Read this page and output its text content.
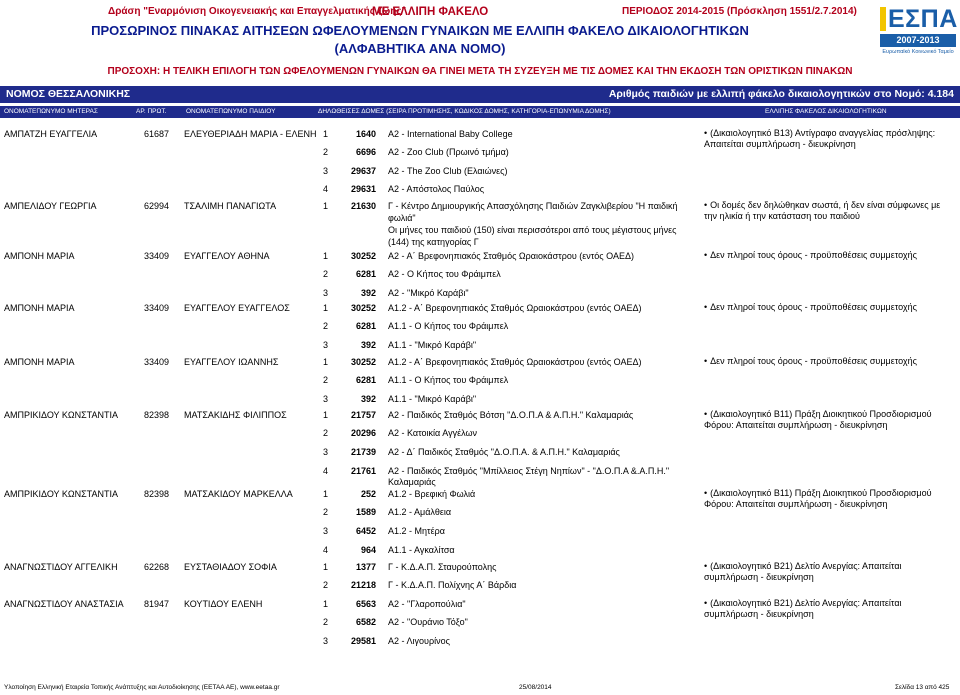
Δράση "Εναρμόνιση Οικογενειακής και Επαγγελματικής ζωής"
ΜΕ ΕΛΛΙΠΗ ΦΑΚΕΛΟ	ΠΕΡΙΟΔΟΣ 2014-2015 (Πρόσκληση 1551/2.7.2014)
ΠΡΟΣΩΡΙΝΟΣ ΠΙΝΑΚΑΣ ΑΙΤΗΣΕΩΝ ΩΦΕΛΟΥΜΕΝΩΝ ΓΥΝΑΙΚΩΝ ΜΕ ΕΛΛΙΠΗ ΦΑΚΕΛΟ ΔΙΚΑΙΟΛΟΓΗΤΙΚΩΝ
(ΑΛΦΑΒΗΤΙΚΑ ΑΝΑ ΝΟΜΟ)
ΠΡΟΣΟΧΗ: Η ΤΕΛΙΚΗ ΕΠΙΛΟΓΗ ΤΩΝ ΩΦΕΛΟΥΜΕΝΩΝ ΓΥΝΑΙΚΩΝ ΘΑ ΓΙΝΕΙ ΜΕΤΑ ΤΗ ΣΥΖΕΥΞΗ ΜΕ ΤΙΣ ΔΟΜΕΣ ΚΑΙ ΤΗΝ ΕΚΔΟΣΗ ΤΩΝ ΟΡΙΣΤΙΚΩΝ ΠΙΝΑΚΩΝ
ΕΣΠΑ
2007-2013
Ευρωπαϊκό Κοινωνικό Ταμείο
ΝΟΜΟΣ ΘΕΣΣΑΛΟΝΙΚΗΣ	Αριθμός παιδιών με ελλιπή φάκελο δικαιολογητικών στο Νομό: 4.184
ΟΝΟΜΑΤΕΠΩΝΥΜΟ ΜΗΤΕΡΑΣ	ΑΡ. ΠΡΩΤ.	ΟΝΟΜΑΤΕΠΩΝΥΜΟ ΠΑΙΔΙΟΥ	ΔΗΛΩΘΕΙΣΕΣ ΔΟΜΕΣ (ΣΕΙΡΑ ΠΡΟΤΙΜΗΣΗΣ, ΚΩΔΙΚΟΣ ΔΟΜΗΣ, ΚΑΤΗΓΟΡΙΑ-ΕΠΩΝΥΜΙΑ ΔΟΜΗΣ)	ΕΛΛΙΠΗΣ ΦΑΚΕΛΟΣ ΔΙΚΑΙΟΛΟΓΗΤΙΚΩΝ
ΑΜΠΑΤΖΗ ΕΥΑΓΓΕΛΙΑ	61687 ΕΛΕΥΘΕΡΙΑΔΗ ΜΑΡΙΑ - ΕΛΕΝΗ 1	1640 Α2 - International Baby College
2	6696 Α2 - Zoo Club (Πρωινό τμήμα)
3	29637 Α2 - The Zoo Club (Ελαιώνες)
4	29631 Α2 - Απόστολος Παύλος
• (Δικαιολογητικό Β13) Αντίγραφο αναγγελίας πρόσληψης: Απαιτείται συμπλήρωση - διευκρίνηση
ΑΜΠΕΛΙΔΟΥ ΓΕΩΡΓΙΑ	62994 ΤΣΑΛΙΜΗ ΠΑΝΑΓΙΩΤΑ	1	21630 Γ - Κέντρο Δημιουργικής Απασχόλησης Παιδιών Ζαγκλιβερίου "Η παιδική φωλιά"
Οι μήνες του παιδιού (150) είναι περισσότεροι από τους μέγιστους μήνες (144) της κατηγορίας Γ
• Οι δομές δεν δηλώθηκαν σωστά, ή δεν είναι σύμφωνες με την ηλικία ή την κατάσταση του παιδιού
ΑΜΠΟΝΗ ΜΑΡΙΑ	33409 ΕΥΑΓΓΕΛΟΥ ΑΘΗΝΑ	1	30252 Α2 - Α΄ Βρεφονηπιακός Σταθμός Ωραιοκάστρου (εντός ΟΑΕΔ)
2	6281 Α2 - Ο Κήπος του Φράιμπελ
3	392 Α2 - "Μικρό Καράβι"
• Δεν πληροί τους όρους - προϋποθέσεις συμμετοχής
ΑΜΠΟΝΗ ΜΑΡΙΑ	33409 ΕΥΑΓΓΕΛΟΥ ΕΥΑΓΓΕΛΟΣ	1	30252 Α1.2 - Α΄ Βρεφονηπιακός Σταθμός Ωραιοκάστρου (εντός ΟΑΕΔ)
2	6281 Α1.1 - Ο Κήπος του Φράιμπελ
3	392 Α1.1 - "Μικρό Καράβι"
• Δεν πληροί τους όρους - προϋποθέσεις συμμετοχής
ΑΜΠΟΝΗ ΜΑΡΙΑ	33409 ΕΥΑΓΓΕΛΟΥ ΙΩΑΝΝΗΣ	1	30252 Α1.2 - Α΄ Βρεφονηπιακός Σταθμός Ωραιοκάστρου (εντός ΟΑΕΔ)
2	6281 Α1.1 - Ο Κήπος του Φράιμπελ
3	392 Α1.1 - "Μικρό Καράβι"
• Δεν πληροί τους όρους - προϋποθέσεις συμμετοχής
ΑΜΠΡΙΚΙΔΟΥ ΚΩΝΣΤΑΝΤΙΑ	82398 ΜΑΤΣΑΚΙΔΗΣ ΦΙΛΙΠΠΟΣ	1	21757 Α2 - Παιδικός Σταθμός Βότση "Δ.Ο.Π.Α & Α.Π.Η." Καλαμαριάς
2	20296 Α2 - Κατοικία Αγγέλων
3	21739 Α2 - Δ΄ Παιδικός Σταθμός "Δ.Ο.Π.Α. & Α.Π.Η." Καλαμαριάς
4	21761 Α2 - Παιδικός Σταθμός "Μπίλλειος Στέγη Νηπίων" - "Δ.Ο.Π.Α &.Α.Π.Η."
Καλαμαριάς
• (Δικαιολογητικό Β11) Πράξη Διοικητικού Προσδιορισμού Φόρου: Απαιτείται συμπλήρωση - διευκρίνηση
ΑΜΠΡΙΚΙΔΟΥ ΚΩΝΣΤΑΝΤΙΑ	82398 ΜΑΤΣΑΚΙΔΟΥ ΜΑΡΚΕΛΛΑ	1	252 Α1.2 - Βρεφική Φωλιά
2	1589 Α1.2 - Αμάλθεια
3	6452 Α1.2 - Μητέρα
4	964 Α1.1 - Αγκαλίτσα
• (Δικαιολογητικό Β11) Πράξη Διοικητικού Προσδιορισμού Φόρου: Απαιτείται συμπλήρωση - διευκρίνηση
ΑΝΑΓΝΩΣΤΙΔΟΥ ΑΓΓΕΛΙΚΗ	62268 ΕΥΣΤΑΘΙΑΔΟΥ ΣΟΦΙΑ	1	1377 Γ - Κ.Δ.Α.Π. Σταυρούπολης
2	21218 Γ - Κ.Δ.Α.Π. Πολίχνης Α΄ Βάρδια
• (Δικαιολογητικό Β21) Δελτίο Ανεργίας: Απαιτείται συμπλήρωση - διευκρίνηση
ΑΝΑΓΝΩΣΤΙΔΟΥ ΑΝΑΣΤΑΣΙΑ 81947 ΚΟΥΤΙΔΟΥ ΕΛΕΝΗ	1	6563 Α2 - "Γλαροπούλια"
2	6582 Α2 - "Ουράνιο Τόξο"
3	29581 Α2 - Λιγουρίνος
• (Δικαιολογητικό Β21) Δελτίο Ανεργίας: Απαιτείται συμπλήρωση - διευκρίνηση
Υλοποίηση Ελληνική Εταιρεία Τοπικής Ανάπτυξης και Αυτοδιοίκησης (ΕΕΤΑΑ ΑΕ), www.eetaa.gr	25/08/2014	Σελίδα 13 από 425
